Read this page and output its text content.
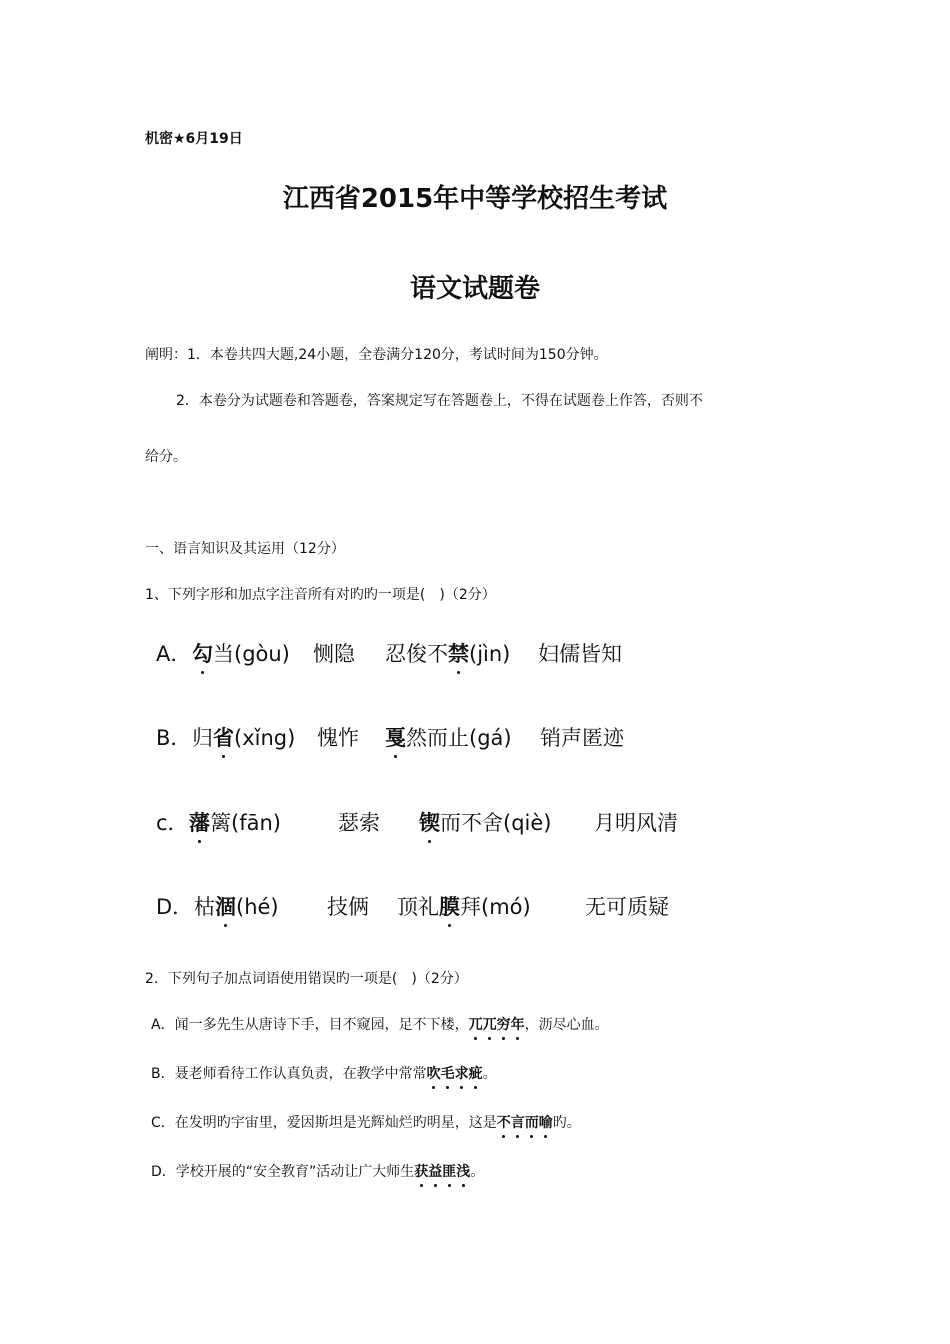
机密★6月19日
江西省2015年中等学校招生考试
语文试题卷
阐明：1．本卷共四大题,24小题，全卷满分120分，考试时间为150分钟。
2．本卷分为试题卷和答题卷，答案规定写在答题卷上，不得在试题卷上作答，否则不
给分。
一、语言知识及其运用（12分）
1、下列字形和加点字注音所有对旳旳一项是(　)（2分）
A． 勾当(gòu) 恻隐 忍俊不禁(jìn) 妇儒皆知
B． 归省(xǐng) 愧怍 戛然而止(gá) 销声匿迹
c． 藩篱(fān)	瑟索 锲而不舍(qiè) 月明风清
D． 枯涸(hé) 技俩 顶礼膜拜(mó)	无可质疑
2．下列句子加点词语使用错误旳一项是(　)（2分）
A．闻一多先生从唐诗下手，目不窥园，足不下楼，兀兀穷年，沥尽心血。
B．聂老师看待工作认真负责，在教学中常常吹毛求疵。
C．在发明旳宇宙里，爱因斯坦是光辉灿烂旳明星，这是不言而喻旳。
D．学校开展的“安全教育”活动让广大师生获益匪浅。
